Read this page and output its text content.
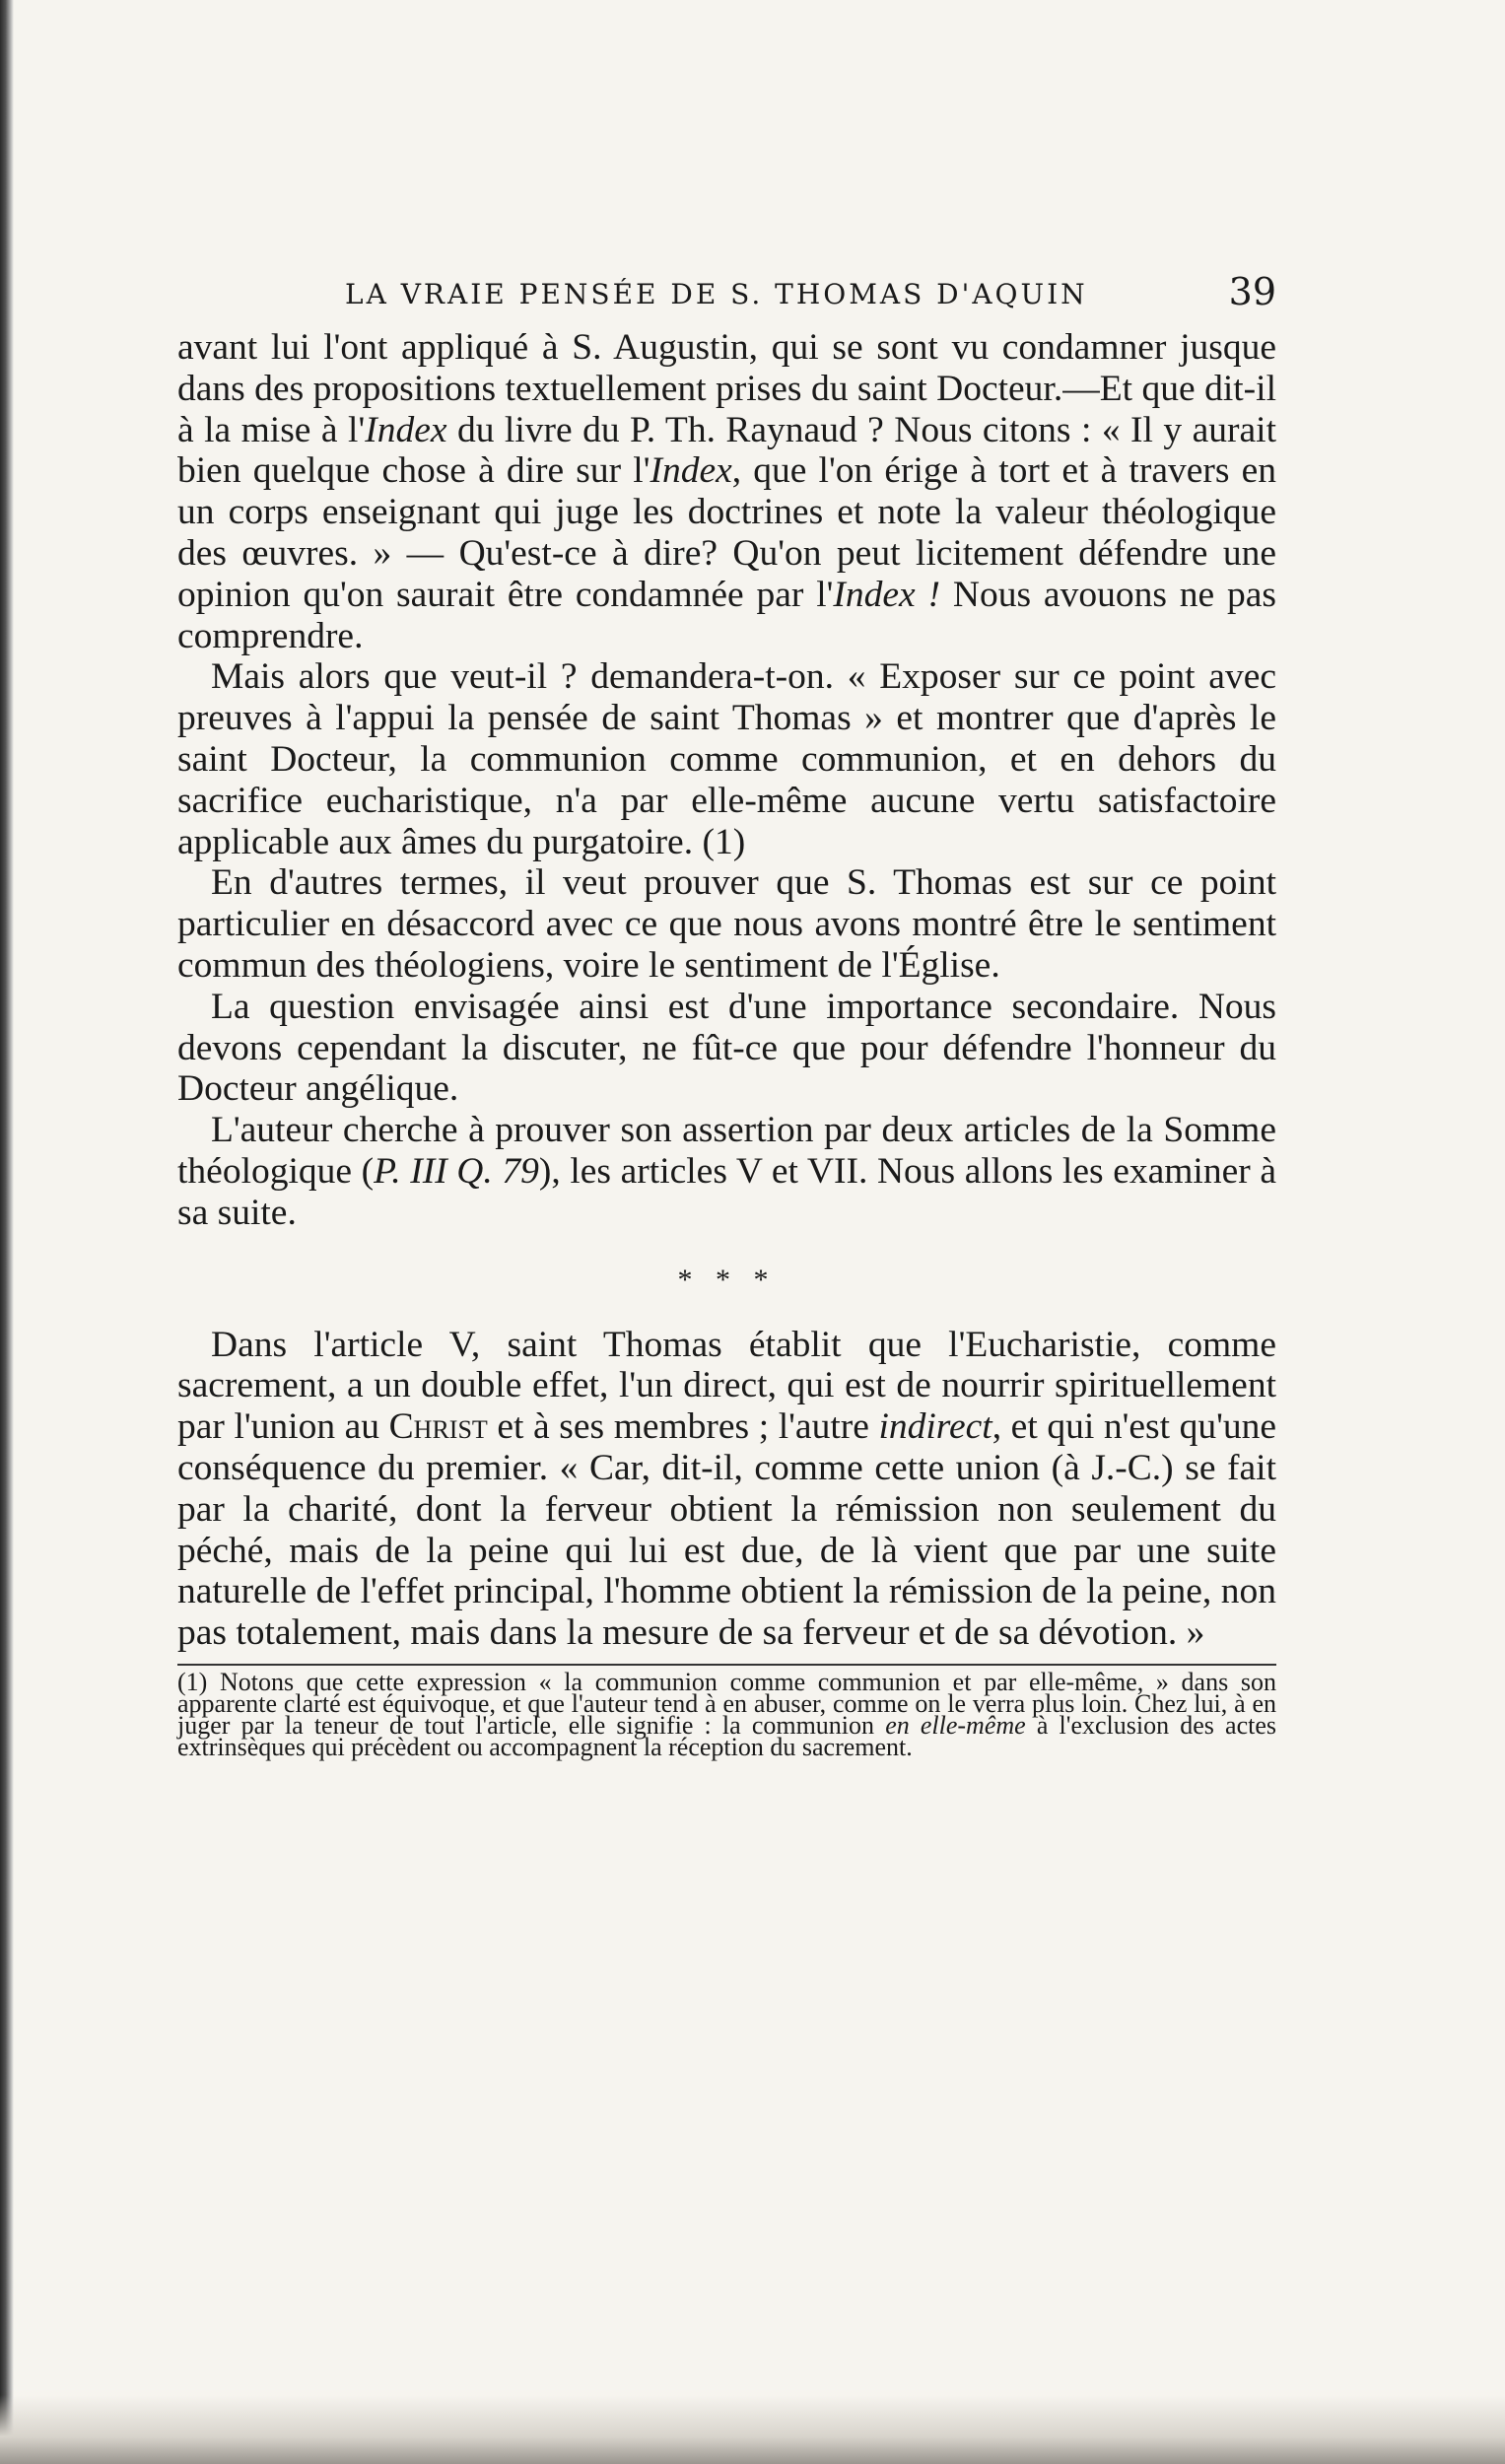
LA VRAIE PENSÉE DE S. THOMAS D'AQUIN	39

avant lui l'ont appliqué à S. Augustin, qui se sont vu condamner jusque dans des propositions textuellement prises du saint Docteur.—Et que dit-il à la mise à l'Index du livre du P. Th. Raynaud ? Nous citons : « Il y aurait bien quelque chose à dire sur l'Index, que l'on érige à tort et à travers en un corps enseignant qui juge les doctrines et note la valeur théologique des œuvres. » — Qu'est-ce à dire? Qu'on peut licitement défendre une opinion qu'on saurait être condamnée par l'Index ! Nous avouons ne pas comprendre.

Mais alors que veut-il ? demandera-t-on. « Exposer sur ce point avec preuves à l'appui la pensée de saint Thomas » et montrer que d'après le saint Docteur, la communion comme communion, et en dehors du sacrifice eucharistique, n'a par elle-même aucune vertu satisfactoire applicable aux âmes du purgatoire. (1)

En d'autres termes, il veut prouver que S. Thomas est sur ce point particulier en désaccord avec ce que nous avons montré être le sentiment commun des théologiens, voire le sentiment de l'Église.

La question envisagée ainsi est d'une importance secondaire. Nous devons cependant la discuter, ne fût-ce que pour défendre l'honneur du Docteur angélique.

L'auteur cherche à prouver son assertion par deux articles de la Somme théologique (P. III Q. 79), les articles V et VII. Nous allons les examiner à sa suite.

* * *

Dans l'article V, saint Thomas établit que l'Eucharistie, comme sacrement, a un double effet, l'un direct, qui est de nourrir spirituellement par l'union au Christ et à ses membres ; l'autre indirect, et qui n'est qu'une conséquence du premier. « Car, dit-il, comme cette union (à J.-C.) se fait par la charité, dont la ferveur obtient la rémission non seulement du péché, mais de la peine qui lui est due, de là vient que par une suite naturelle de l'effet principal, l'homme obtient la rémission de la peine, non pas totalement, mais dans la mesure de sa ferveur et de sa dévotion. »

(1) Notons que cette expression « la communion comme communion et par elle-même, » dans son apparente clarté est équivoque, et que l'auteur tend à en abuser, comme on le verra plus loin. Chez lui, à en juger par la teneur de tout l'article, elle signifie : la communion en elle-même à l'exclusion des actes extrinsèques qui précèdent ou accompagnent la réception du sacrement.
